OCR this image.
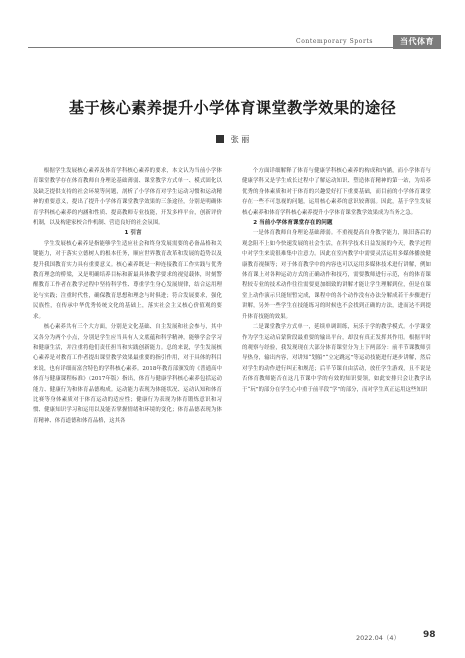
Contemporary Sports	当代体育
基于核心素养提升小学体育课堂教学效果的途径
张 丽

根据学生发展核心素养及体育学科核心素养的要求，本文认为当前小学体育课堂教学存在体育教师自身理论基础薄弱、课堂教学方式单一、模式固化以及缺乏提供支持的社会环境等问题，剖析了小学体育对学生运动习惯和运动精神的重要意义，提出了提升小学体育课堂教学效果的三条途径，分别是明确体育学科核心素养的内涵和性质、提高教师专业技能，开发多样平台，创新评价机制，以及构建家校合作机制、营造良好的社会氛围。

1 引言

学生发展核心素养是指能够学生适应社会和终身发展需要的必备品格和关键能力，对于落实立德树人的根本任务，顺应世界教育改革和发展的趋势以及提升我国教育实力具有重要意义。核心素养既是一种连接教育工作实践与优秀教育理念的桥梁，又是明确培养目标和新最具体教学要求的视觉载体，时刻警醒教育工作者在教学过程中坚持科学性、尊重学生身心发展规律，结合运用理论与实践；注重时代性，确保教育思想和理念与时俱进；符合发展要求，强化民族性，在传承中华优秀传统文化的基础上，落实社会主义核心价值观的要求。

核心素养共有三个大方面，分别是文化基础、自主发展和社会参与，其中又各分为两个小点，分别是学生应当具有人文底蕴和科学精神，能够学会学习和健康生活，并注重将他们责任担当和实践创新能力。总的来说，学生发展核心素养是对教育工作者提出课堂教学效果最重要的指引作用，对于具体的科目来说，也有详细而富含特色的学科核心素养。2018年教育部颁发的《普通高中体育与健康课程标准》（2017年版）指出，体育与健康学科核心素养包括运动能力、健康行为和体育品德构成。运动能力表现为体能状况、运动认知和体育比赛等身体素质对于体育运动的适应性；健康行为表现为体育锻炼意识和习惯、健康知识学习和运用以及能否掌握情绪和环境的变化；体育品德表现为体育精神、体育道德和体育品格，这其各

个方面详细解释了体育与健康学科核心素养的构成和内涵，而小学体育与健康学科又是学生成长过程中了解运动知识、塑造体育精神的第一站，为培养优秀的身体素质和对于体育的兴趣爱好打下重要基础，而目前的小学体育课堂存在一些不可忽视的问题，运用核心素养的意识较薄弱。因此，基于学生发展核心素养和体育学科核心素养提升小学体育课堂教学效果成为当务之急。

2 当前小学体育课堂存在的问题

一是体育教师自身理论基础薄弱。不重视提高自身教学能力，陈旧落后的观念阻不上如今快速发展的社会生活，在科学技术日益发展的今天，教学过程中对学生来说很难集中注意力。因此在室内教学中需要灵活运用多媒体播放健康教育视频等；对于体育教学中的内容也可以运用多媒体技术进行讲解，例如体育课上对各种运动方式的正确动作和技巧，需要教师进行示范，有的体育课程较专业的技术动作往往需要更加细致的讲解才能让学生理解到位，但是在课堂上动作演示只能短暂完成，课程中的各个动作没有办法分解成若干步骤进行讲解，另外一些学生在技能练习的时候也不会找到正确的方法，进而达不到提升体育技能的效果。

二是课堂教学方式单一，延续单调训练，玩乐于学的教学模式。小学课堂作为学生运动启蒙阶段最重要的输出平台，却没有真正发挥其作用。根据平时的观察与经验，我发现现在大部分体育课堂分为上下两部分：前半节课教师引导热身，输出内容，对讲知“划船”“立定跳远”等运动技能进行逐步讲解，然后对学生的动作进行纠正和规范；后半节课自由活动，放任学生游戏，且不说是否体育教师能否在这几节课中学的有效的知识要领，如此安排只会让教学出于“玩”的部分在学生心中重于前半段“学”的部分，而对学生真正运用这些知识

2022.04（4）	98
